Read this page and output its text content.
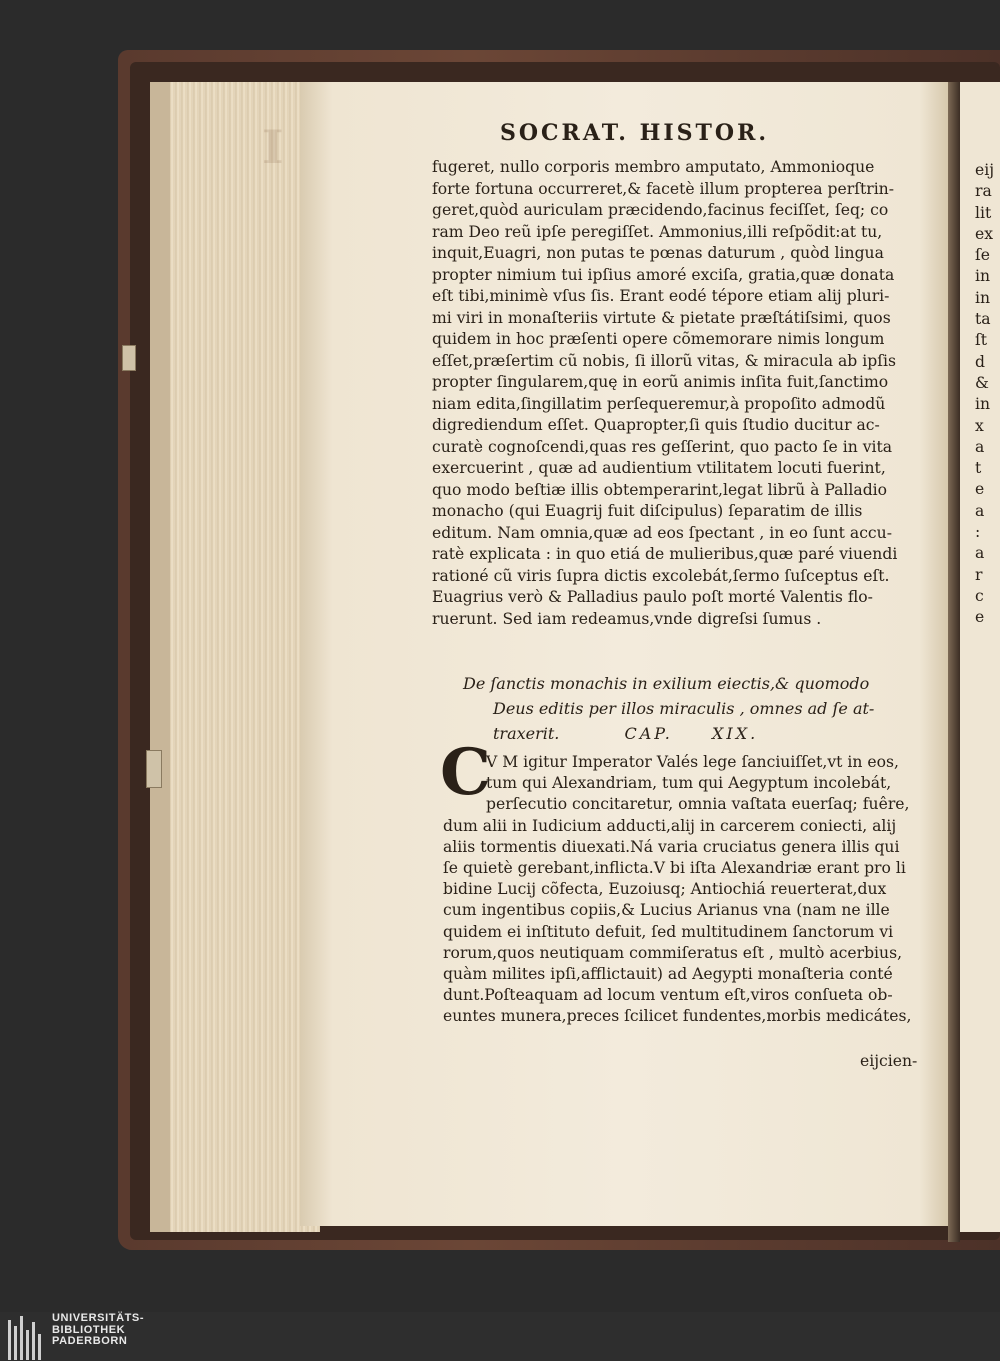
I	SOCRAT. HISTOR.
fugeret, nullo corporis membro amputato, Ammonioque
forte fortuna occurreret,& facetè illum propterea perſtrin-
geret,quòd auriculam præcidendo,facinus feciſſet, ſeq; co
ram Deo reũ ipſe peregiſſet. Ammonius,illi reſpõdit:at tu,
inquit,Euagri, non putas te pœnas daturum , quòd lingua
propter nimium tui ipſius amoré exciſa, gratia,quæ donata
eſt tibi,minimè vſus ſis. Erant eodé tépore etiam alij pluri-
mi viri in monaſteriis virtute & pietate præſtátiſsimi, quos
quidem in hoc præſenti opere cõmemorare nimis longum
eſſet,præſertim cũ nobis, ſi illorũ vitas, & miracula ab ipſis
propter ſingularem,quę in eorũ animis inſita fuit,ſanctimo
niam edita,ſingillatim perſequeremur,à propoſito admodũ
digrediendum eſſet. Quapropter,ſi quis ſtudio ducitur ac-
curatè cognoſcendi,quas res geſſerint, quo pacto ſe in vita
exercuerint , quæ ad audientium vtilitatem locuti fuerint,
quo modo beſtiæ illis obtemperarint,legat librũ à Palladio
monacho (qui Euagrij fuit diſcipulus) ſeparatim de illis
editum. Nam omnia,quæ ad eos ſpectant , in eo ſunt accu-
ratè explicata : in quo etiá de mulieribus,quæ paré viuendi
rationé cũ viris ſupra dictis excolebát,ſermo ſuſceptus eſt.
Euagrius verò & Palladius paulo poſt morté Valentis flo-
ruerunt. Sed iam redeamus,vnde digreſsi ſumus .
De ſanctis monachis in exilium eiectis,& quomodo
Deus editis per illos miraculis , omnes ad ſe at-
traxerit.	CAP. XIX.
C
V M igitur Imperator Valés lege ſanciuiſſet,vt in eos,
tum qui Alexandriam, tum qui Aegyptum incolebát,
perſecutio concitaretur, omnia vaſtata euerſaq; fuêre,
dum alii in Iudicium adducti,alij in carcerem coniecti, alij
aliis tormentis diuexati.Ná varia cruciatus genera illis qui
ſe quietè gerebant,inflicta.V bi iſta Alexandriæ erant pro li
bidine Lucij cõfecta, Euzoiusq; Antiochiá reuerterat,dux
cum ingentibus copiis,& Lucius Arianus vna (nam ne ille
quidem ei inſtituto defuit, ſed multitudinem ſanctorum vi
rorum,quos neutiquam commiſeratus eſt , multò acerbius,
quàm milites ipſi,afflictauit) ad Aegypti monaſteria conté
dunt.Poſteaquam ad locum ventum eſt,viros conſueta ob-
euntes munera,preces ſcilicet fundentes,morbis medicátes,
eijcien-
eij
ra
lit
ex
ſe
in
in
ta
ſt
d
&
in
x
a
t
e
a
:
a
r
c
e
UNIVERSITÄTS-
BIBLIOTHEK
PADERBORN
